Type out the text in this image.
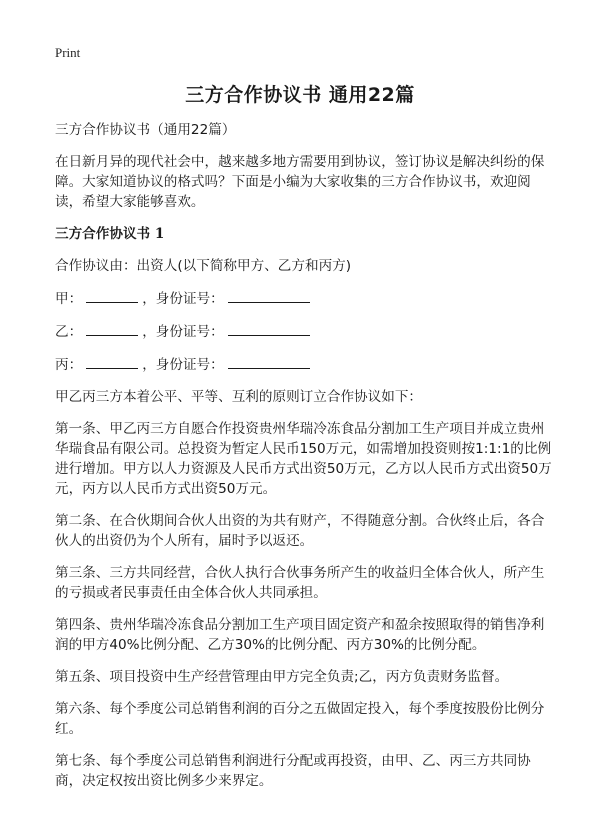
Print
三方合作协议书 通用22篇

三方合作协议书（通用22篇）

在日新月异的现代社会中，越来越多地方需要用到协议，签订协议是解决纠纷的保障。大家知道协议的格式吗？下面是小编为大家收集的三方合作协议书，欢迎阅读，希望大家能够喜欢。

三方合作协议书 1

合作协议由：出资人(以下简称甲方、乙方和丙方)

甲：	，身份证号：
乙：	，身份证号：
丙：	，身份证号：

甲乙丙三方本着公平、平等、互利的原则订立合作协议如下：

第一条、甲乙丙三方自愿合作投资贵州华瑞冷冻食品分割加工生产项目并成立贵州华瑞食品有限公司。总投资为暂定人民币150万元，如需增加投资则按1:1:1的比例进行增加。甲方以人力资源及人民币方式出资50万元，乙方以人民币方式出资50万元，丙方以人民币方式出资50万元。

第二条、在合伙期间合伙人出资的为共有财产，不得随意分割。合伙终止后，各合伙人的出资仍为个人所有，届时予以返还。

第三条、三方共同经营，合伙人执行合伙事务所产生的收益归全体合伙人，所产生的亏损或者民事责任由全体合伙人共同承担。

第四条、贵州华瑞冷冻食品分割加工生产项目固定资产和盈余按照取得的销售净利润的甲方40%比例分配、乙方30%的比例分配、丙方30%的比例分配。

第五条、项目投资中生产经营管理由甲方完全负责;乙，丙方负责财务监督。

第六条、每个季度公司总销售利润的百分之五做固定投入，每个季度按股份比例分红。

第七条、每个季度公司总销售利润进行分配或再投资，由甲、乙、丙三方共同协商，决定权按出资比例多少来界定。
